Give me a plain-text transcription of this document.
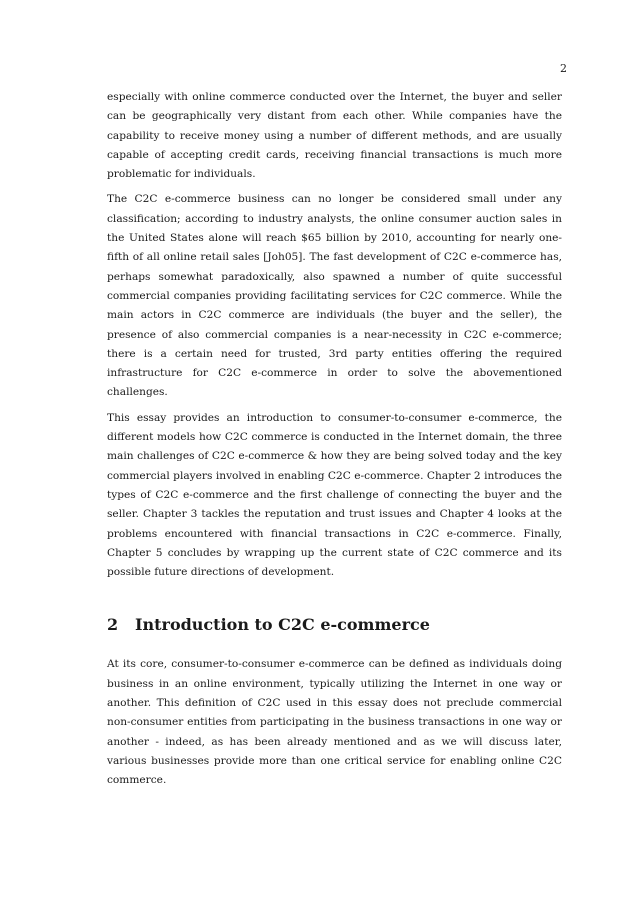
2

especially with online commerce conducted over the Internet, the buyer and seller can be geographically very distant from each other. While companies have the capability to receive money using a number of different methods, and are usually capable of accepting credit cards, receiving financial transactions is much more problematic for individuals.

The C2C e-commerce business can no longer be considered small under any classification; according to industry analysts, the online consumer auction sales in the United States alone will reach $65 billion by 2010, accounting for nearly one-fifth of all online retail sales [Joh05]. The fast development of C2C e-commerce has, perhaps somewhat paradoxically, also spawned a number of quite successful commercial companies providing facilitating services for C2C commerce. While the main actors in C2C commerce are individuals (the buyer and the seller), the presence of also commercial companies is a near-necessity in C2C e-commerce; there is a certain need for trusted, 3rd party entities offering the required infrastructure for C2C e-commerce in order to solve the abovementioned challenges.

This essay provides an introduction to consumer-to-consumer e-commerce, the different models how C2C commerce is conducted in the Internet domain, the three main challenges of C2C e-commerce & how they are being solved today and the key commercial players involved in enabling C2C e-commerce. Chapter 2 introduces the types of C2C e-commerce and the first challenge of connecting the buyer and the seller. Chapter 3 tackles the reputation and trust issues and Chapter 4 looks at the problems encountered with financial transactions in C2C e-commerce. Finally, Chapter 5 concludes by wrapping up the current state of C2C commerce and its possible future directions of development.

2 Introduction to C2C e-commerce

At its core, consumer-to-consumer e-commerce can be defined as individuals doing business in an online environment, typically utilizing the Internet in one way or another. This definition of C2C used in this essay does not preclude commercial non-consumer entities from participating in the business transactions in one way or another - indeed, as has been already mentioned and as we will discuss later, various businesses provide more than one critical service for enabling online C2C commerce.
